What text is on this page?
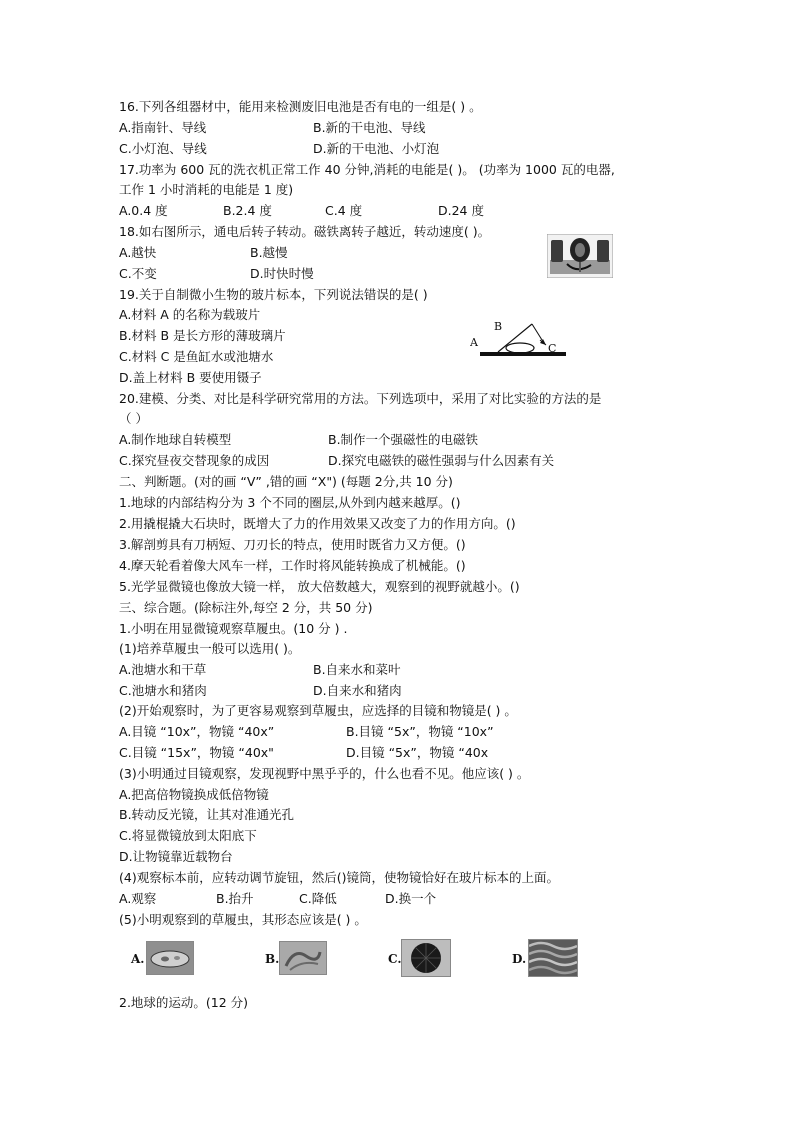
16.下列各组器材中，能用来检测废旧电池是否有电的一组是( ) 。
A.指南针、导线	B.新的干电池、导线
C.小灯泡、导线	D.新的干电池、小灯泡
17.功率为 600 瓦的洗衣机正常工作 40 分钟,消耗的电能是( )。 (功率为 1000 瓦的电器,
工作 1 小时消耗的电能是 1 度)
A.0.4 度	B.2.4 度	C.4 度	D.24 度
18.如右图所示，通电后转子转动。磁铁离转子越近，转动速度( )。
A.越快	B.越慢
C.不变	D.时快时慢
19.关于自制微小生物的玻片标本，下列说法错误的是( )
A.材料 A 的名称为载玻片
B.材料 B 是长方形的薄玻璃片
C.材料 C 是鱼缸水或池塘水
D.盖上材料 B 要使用镊子
A
B
C
20.建模、分类、对比是科学研究常用的方法。下列选项中，采用了对比实验的方法的是
（ ）
A.制作地球自转模型	B.制作一个强磁性的电磁铁
C.探究昼夜交替现象的成因	D.探究电磁铁的磁性强弱与什么因素有关
二、判断题。(对的画 “V” ,错的画 “X") (每题 2分,共 10 分)
1.地球的内部结构分为 3 个不同的圈层,从外到内越来越厚。()
2.用撬棍撬大石块时，既增大了力的作用效果又改变了力的作用方向。()
3.解剖剪具有刀柄短、刀刃长的特点，使用时既省力又方便。()
4.摩天轮看着像大风车一样，工作时将风能转换成了机械能。()
5.光学显微镜也像放大镜一样， 放大倍数越大，观察到的视野就越小。()
三、综合题。(除标注外,每空 2 分，共 50 分)
1.小明在用显微镜观察草履虫。(10 分 ) .
(1)培养草履虫一般可以选用( )。
A.池塘水和干草	B.自来水和菜叶
C.池塘水和猪肉	D.自来水和猪肉
(2)开始观察时，为了更容易观察到草履虫，应选择的目镜和物镜是( ) 。
A.目镜 “10x”，物镜 “40x”	B.目镜 “5x”，物镜 “10x”
C.目镜 “15x”，物镜 “40x"	D.目镜 “5x”，物镜 “40x
(3)小明通过目镜观察，发现视野中黑乎乎的，什么也看不见。他应该( ) 。
A.把高倍物镜换成低倍物镜
B.转动反光镜，让其对准通光孔
C.将显微镜放到太阳底下
D.让物镜靠近载物台
(4)观察标本前，应转动调节旋钮，然后()镜筒，使物镜恰好在玻片标本的上面。
A.观察	B.抬升	C.降低	D.换一个
(5)小明观察到的草履虫，其形态应该是( ) 。
A.	B.	C.	D.
2.地球的运动。(12 分)
